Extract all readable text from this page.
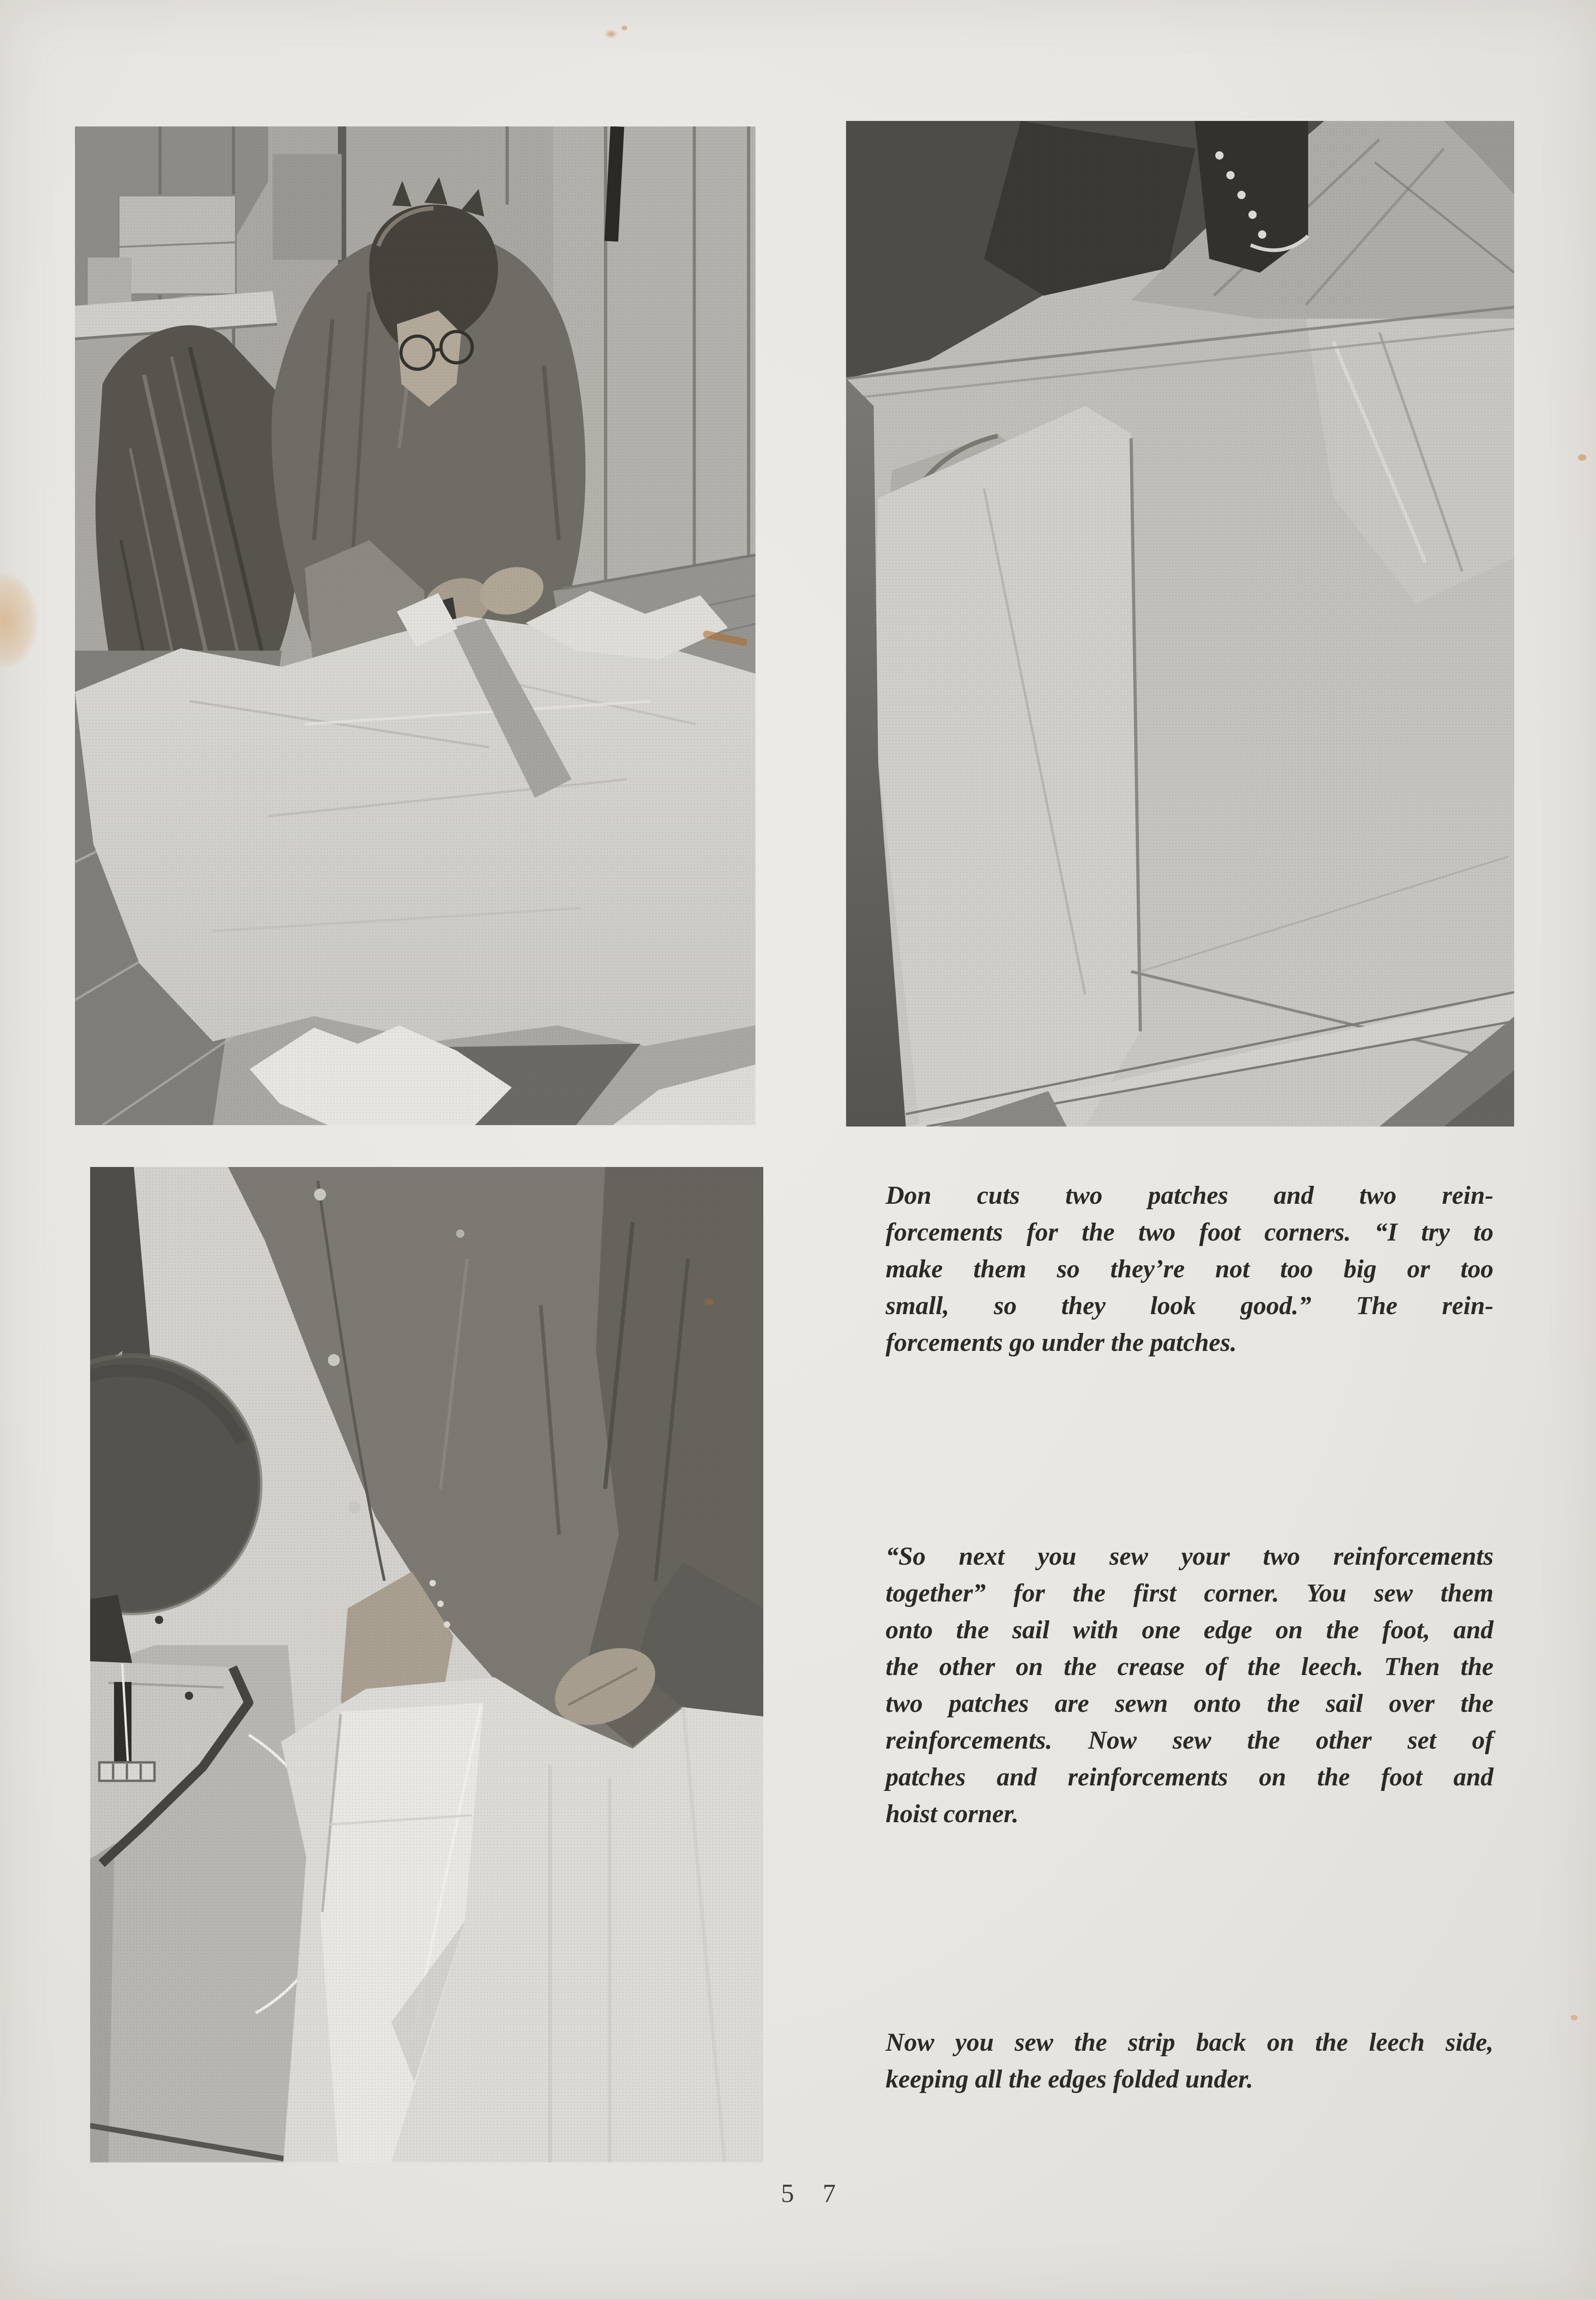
Don cuts two patches and two rein-
forcements for the two foot corners. “I try to
make them so they’re not too big or too
small, so they look good.” The rein-
forcements go under the patches.
“So next you sew your two reinforcements
together” for the first corner. You sew them
onto the sail with one edge on the foot, and
the other on the crease of the leech. Then the
two patches are sewn onto the sail over the
reinforcements. Now sew the other set of
patches and reinforcements on the foot and
hoist corner.
Now you sew the strip back on the leech side,
keeping all the edges folded under.
5 7
